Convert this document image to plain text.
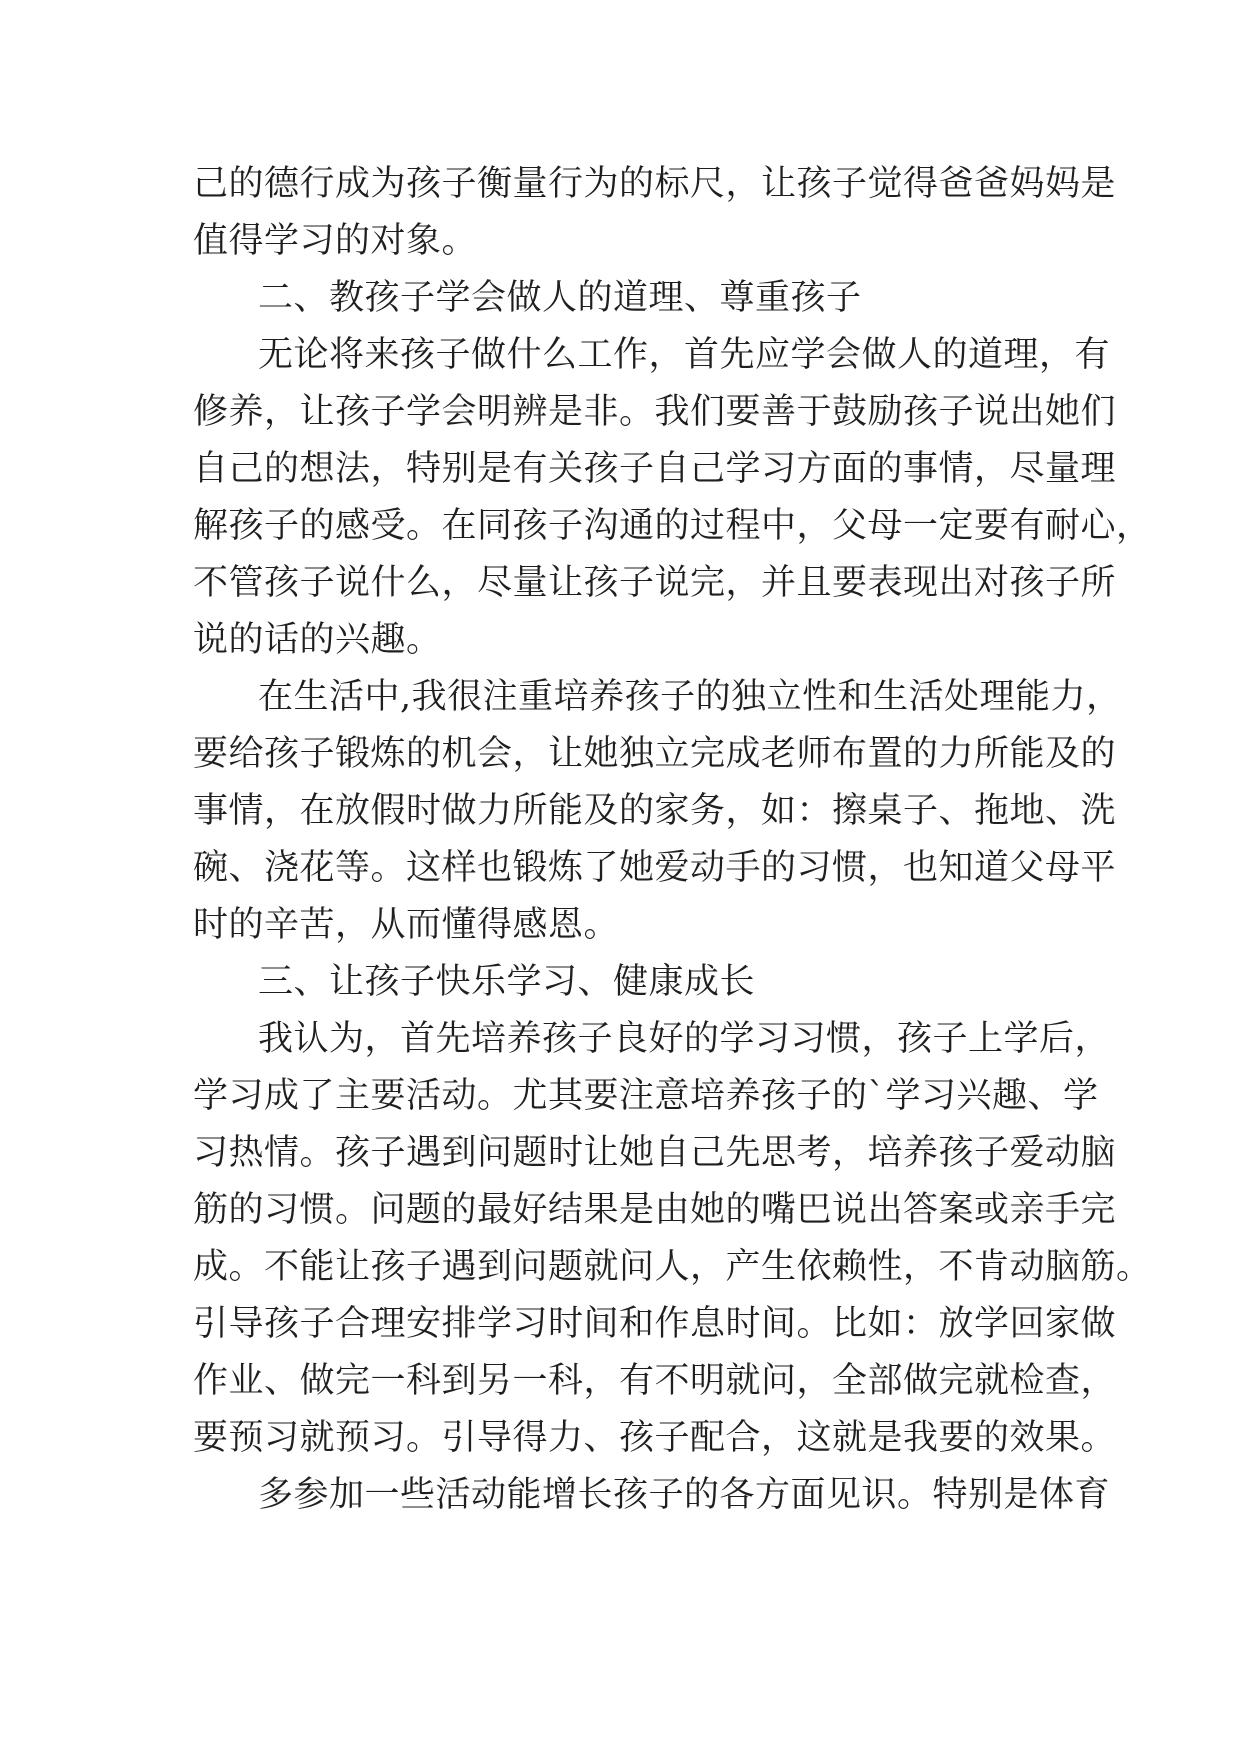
己的德行成为孩子衡量行为的标尺，让孩子觉得爸爸妈妈是
值得学习的对象。
二、教孩子学会做人的道理、尊重孩子
无论将来孩子做什么工作，首先应学会做人的道理，有
修养，让孩子学会明辨是非。我们要善于鼓励孩子说出她们
自己的想法，特别是有关孩子自己学习方面的事情，尽量理
解孩子的感受。在同孩子沟通的过程中，父母一定要有耐心，
不管孩子说什么，尽量让孩子说完，并且要表现出对孩子所
说的话的兴趣。
在生活中,我很注重培养孩子的独立性和生活处理能力，
要给孩子锻炼的机会，让她独立完成老师布置的力所能及的
事情，在放假时做力所能及的家务，如：擦桌子、拖地、洗
碗、浇花等。这样也锻炼了她爱动手的习惯，也知道父母平
时的辛苦，从而懂得感恩。
三、让孩子快乐学习、健康成长
我认为，首先培养孩子良好的学习习惯，孩子上学后，
学习成了主要活动。尤其要注意培养孩子的`学习兴趣、学
习热情。孩子遇到问题时让她自己先思考，培养孩子爱动脑
筋的习惯。问题的最好结果是由她的嘴巴说出答案或亲手完
成。不能让孩子遇到问题就问人，产生依赖性，不肯动脑筋。
引导孩子合理安排学习时间和作息时间。比如：放学回家做
作业、做完一科到另一科，有不明就问，全部做完就检查，
要预习就预习。引导得力、孩子配合，这就是我要的效果。
多参加一些活动能增长孩子的各方面见识。特别是体育
